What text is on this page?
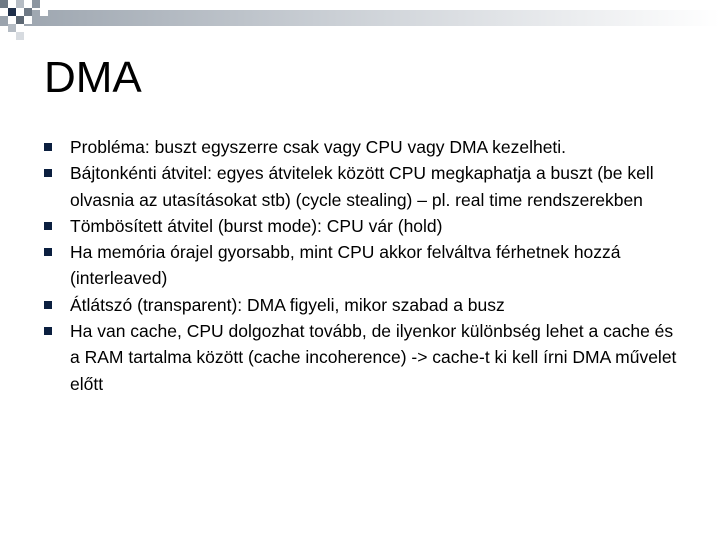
DMA
Probléma: buszt egyszerre csak vagy CPU vagy DMA kezelheti.
Bájtonkénti átvitel: egyes átvitelek között CPU megkaphatja a buszt (be kell olvasnia az utasításokat stb) (cycle stealing) – pl. real time rendszerekben
Tömbösített átvitel (burst mode): CPU vár (hold)
Ha memória órajel gyorsabb, mint CPU akkor felváltva férhetnek hozzá (interleaved)
Átlátszó (transparent): DMA figyeli, mikor szabad a busz
Ha van cache, CPU dolgozhat tovább, de ilyenkor különbség lehet a cache és a RAM tartalma között (cache incoherence) -> cache-t ki kell írni DMA művelet előtt
